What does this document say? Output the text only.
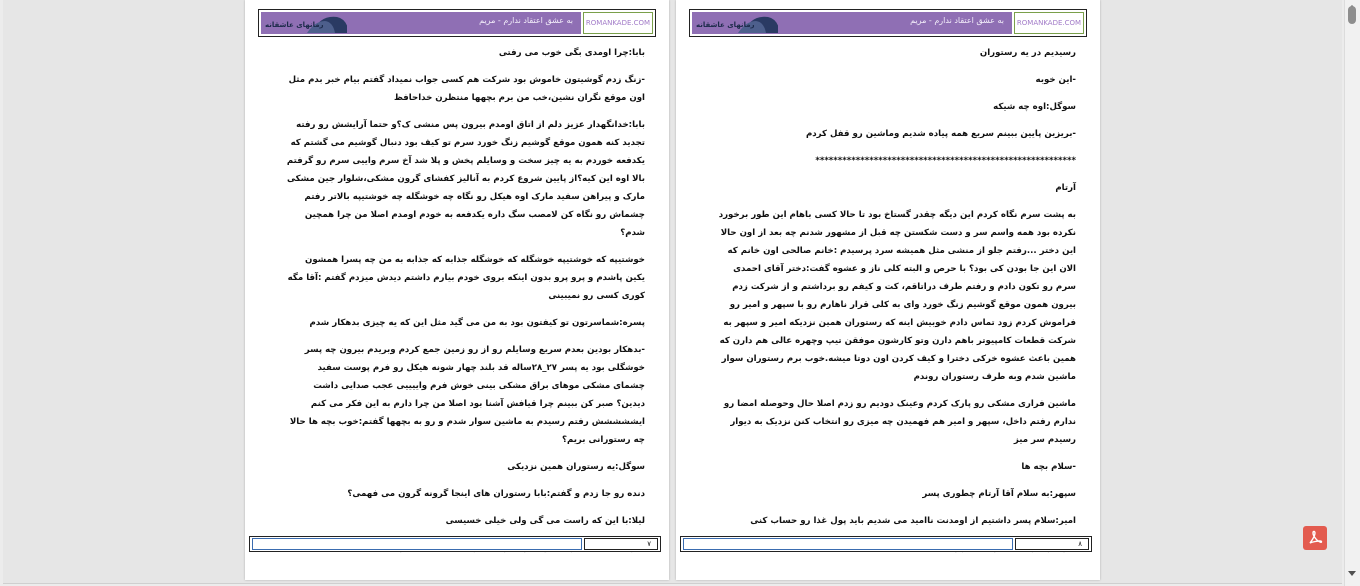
رمانهای عاشقانه	به عشق اعتقاد ندارم - مریم	ROMANKADE.COM

بابا:چرا اومدی بگی خوب می رفتی

-زنگ زدم گوشیتون خاموش بود شرکت هم کسی جواب نمیداد گفتم بیام خبر بدم مثل اون موقع نگران نشین،خب من برم بچهها منتظرن خداحافظ

بابا:خدانگهدار عزیز دلم از اتاق اومدم بیرون پس منشی ک؟و حتما آرایشش رو رفته تجدید کنه همون موقع گوشیم زنگ خورد سرم تو کیف بود دنبال گوشیم می گشتم که یکدفعه خوردم به یه چیز سخت و وسایلم پخش و پلا شد آخ سرم واییی سرم رو گرفتم بالا اوه این کیه؟از پایین شروع کردم به آنالیز کفشای گرون مشکی،شلوار جین مشکی مارک و پیراهن سفید مارک اوه هیکل رو نگاه چه خوشگله چه خوشتیپه بالاتر رفتم چشماش رو نگاه کن لامصب سگ داره یکدفعه به خودم اومدم اصلا من چرا همچین شدم؟

خوشتیپه که خوشتیپه خوشگله که خوشگله جذابه که جذابه به من چه پسرا همشون یکین پاشدم و پرو پرو بدون اینکه بروی خودم بیارم داشتم دیدش میزدم گفتم :آقا مگه کوری کسی رو نمیبینی

پسره:شماسرتون تو کیفتون بود به من می گید مثل این که یه چیزی بدهکار شدم

-بدهکار بودین بعدم سریع وسایلم رو از رو زمین جمع کردم وبریدم بیرون چه پسر خوشگلی بود یه پسر ۲۷_۲۸ساله قد بلند چهار شونه هیکل رو فرم پوست سفید چشمای مشکی موهای براق مشکی بینی خوش فرم واییییی عجب صدایی داشت دیدین؟ صبر کن ببینم چرا قیافش آشنا بود اصلا من چرا دارم به این فکر می کنم ایششششش رفتم رسیدم به ماشین سوار شدم و رو به بچهها گفتم:خوب بچه ها حالا چه رستورانی بریم؟

سوگل:یه رستوران همین نزدیکی

دنده رو جا زدم و گفتم:بابا رستوران های اینجا گرونه گرون می فهمی؟

لیلا:با این که راست می گی ولی خیلی خسیسی

۷
رمانهای عاشقانه	به عشق اعتقاد ندارم - مریم	ROMANKADE.COM

رسیدیم در یه رستوران

-این خوبه

سوگل:اوه چه شیکه

-بریزین پایین ببینم سریع همه پیاده شدیم وماشین رو قفل کردم

**********************************************************

آرتام

به پشت سرم نگاه کردم این دیگه چقدر گستاخ بود تا حالا کسی باهام این طور برخورد نکرده بود همه واسم سر و دست شکستن چه قبل از مشهور شدنم چه بعد از اون حالا این دختر ...رفتم جلو از منشی مثل همیشه سرد پرسیدم :خانم صالحی اون خانم که الان این جا بودن کی بود؟ با حرص و البته کلی ناز و عشوه گفت:دختر آقای احمدی سرم رو تکون دادم و رفتم طرف دراتاقم، کت و کیفم رو برداشتم و از شرکت زدم بیرون همون موقع گوشیم زنگ خورد وای به کلی قرار ناهارم رو با سپهر و امیر رو فراموش کردم زود تماس دادم خوبیش اینه که رستوران همین نزدیکه امیر و سپهر به شرکت قطعات کامپیوتر باهم دارن وتو کارشون موفقن تیپ وچهره عالی هم دارن که همین باعث عشوه خرکی دخترا و کیف کردن اون دوتا میشه.خوب برم رستوران سوار ماشین شدم وبه طرف رستوران روندم

ماشین فراری مشکی رو پارک کردم وعینک دودیم رو زدم اصلا حال وحوصله امضا رو ندارم رفتم داخل، سپهر و امیر هم فهمیدن چه میزی رو انتخاب کنن نزدیک به دیوار رسیدم سر میز

-سلام بچه ها

سپهر:به سلام آقا آرتام چطوری پسر

امیر:سلام پسر داشتیم از اومدنت ناامید می شدیم باید پول غذا رو حساب کنی

۸
